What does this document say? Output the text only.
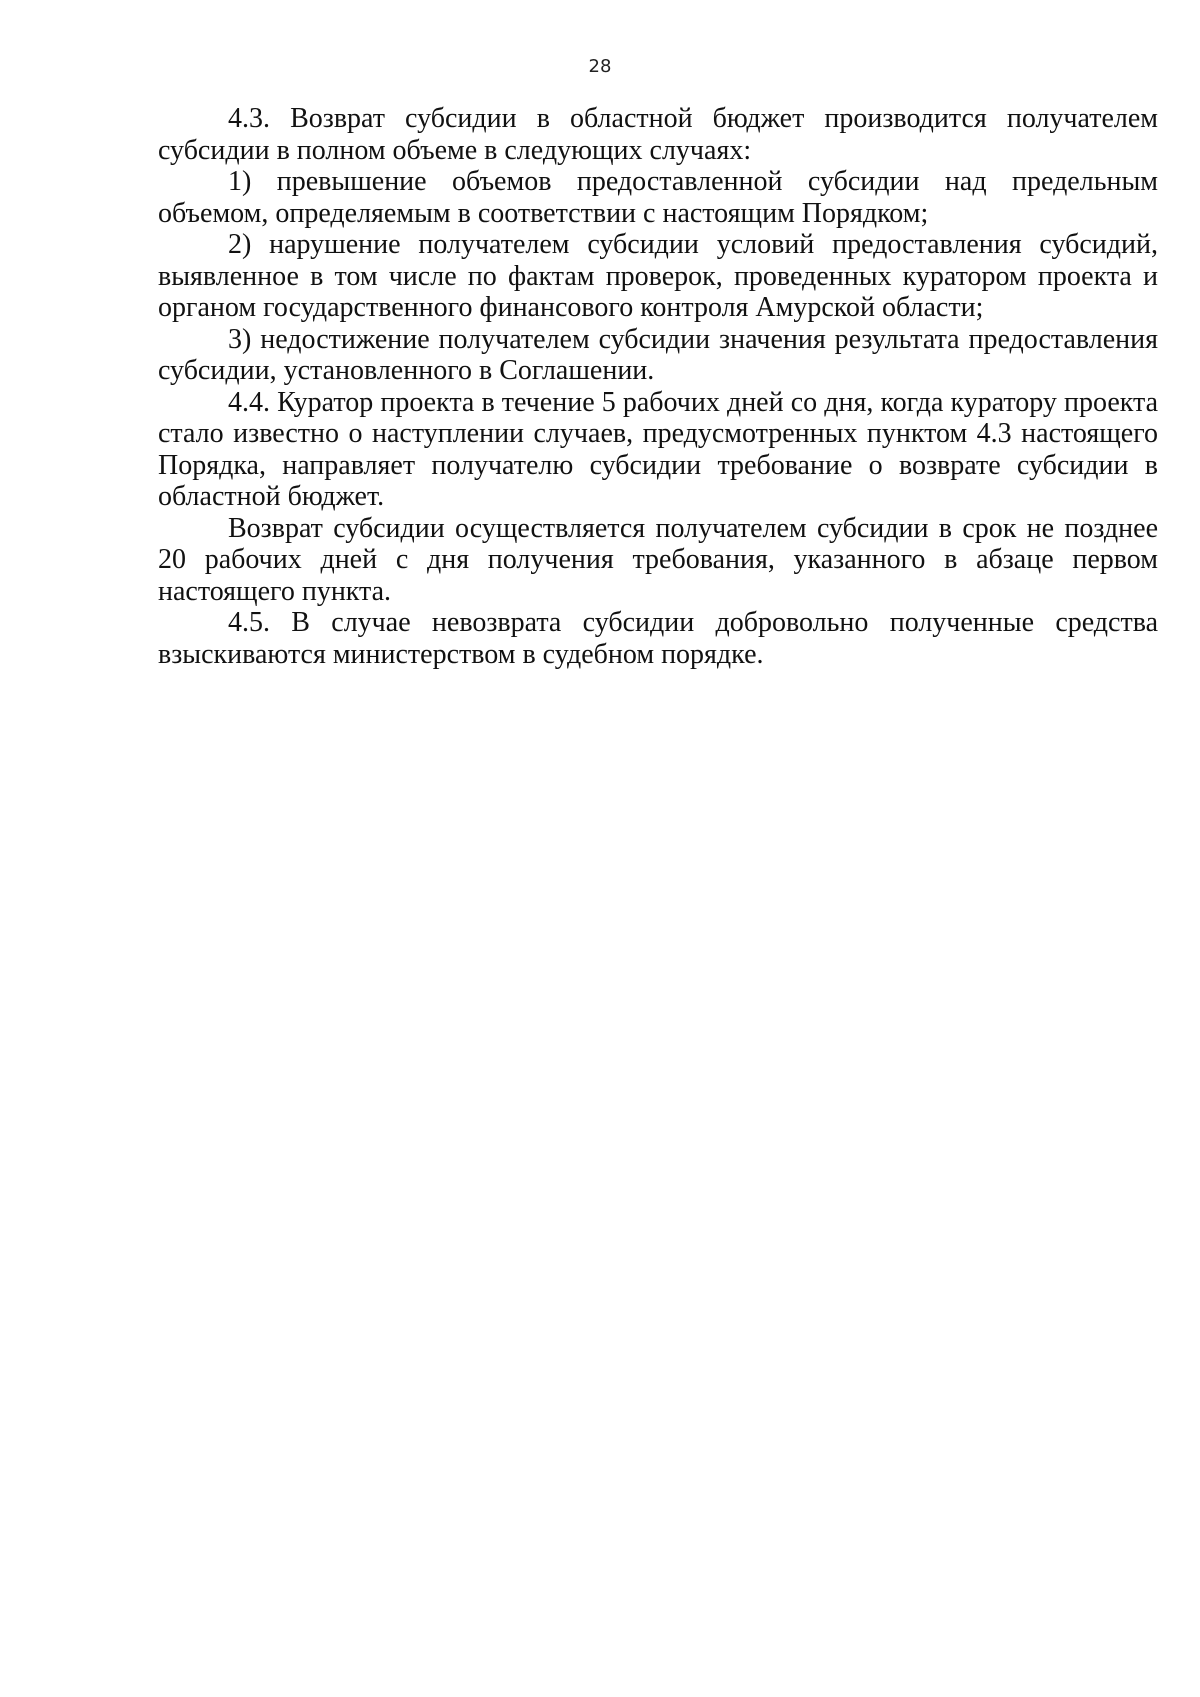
28

4.3. Возврат субсидии в областной бюджет производится получателем субсидии в полном объеме в следующих случаях:

1) превышение объемов предоставленной субсидии над предельным объемом, определяемым в соответствии с настоящим Порядком;

2) нарушение получателем субсидии условий предоставления субсидий, выявленное в том числе по фактам проверок, проведенных куратором проекта и органом государственного финансового контроля Амурской области;

3) недостижение получателем субсидии значения результата предоставления субсидии, установленного в Соглашении.

4.4. Куратор проекта в течение 5 рабочих дней со дня, когда куратору проекта стало известно о наступлении случаев, предусмотренных пунктом 4.3 настоящего Порядка, направляет получателю субсидии требование о возврате субсидии в областной бюджет.

Возврат субсидии осуществляется получателем субсидии в срок не позднее 20 рабочих дней с дня получения требования, указанного в абзаце первом настоящего пункта.

4.5. В случае невозврата субсидии добровольно полученные средства взыскиваются министерством в судебном порядке.
